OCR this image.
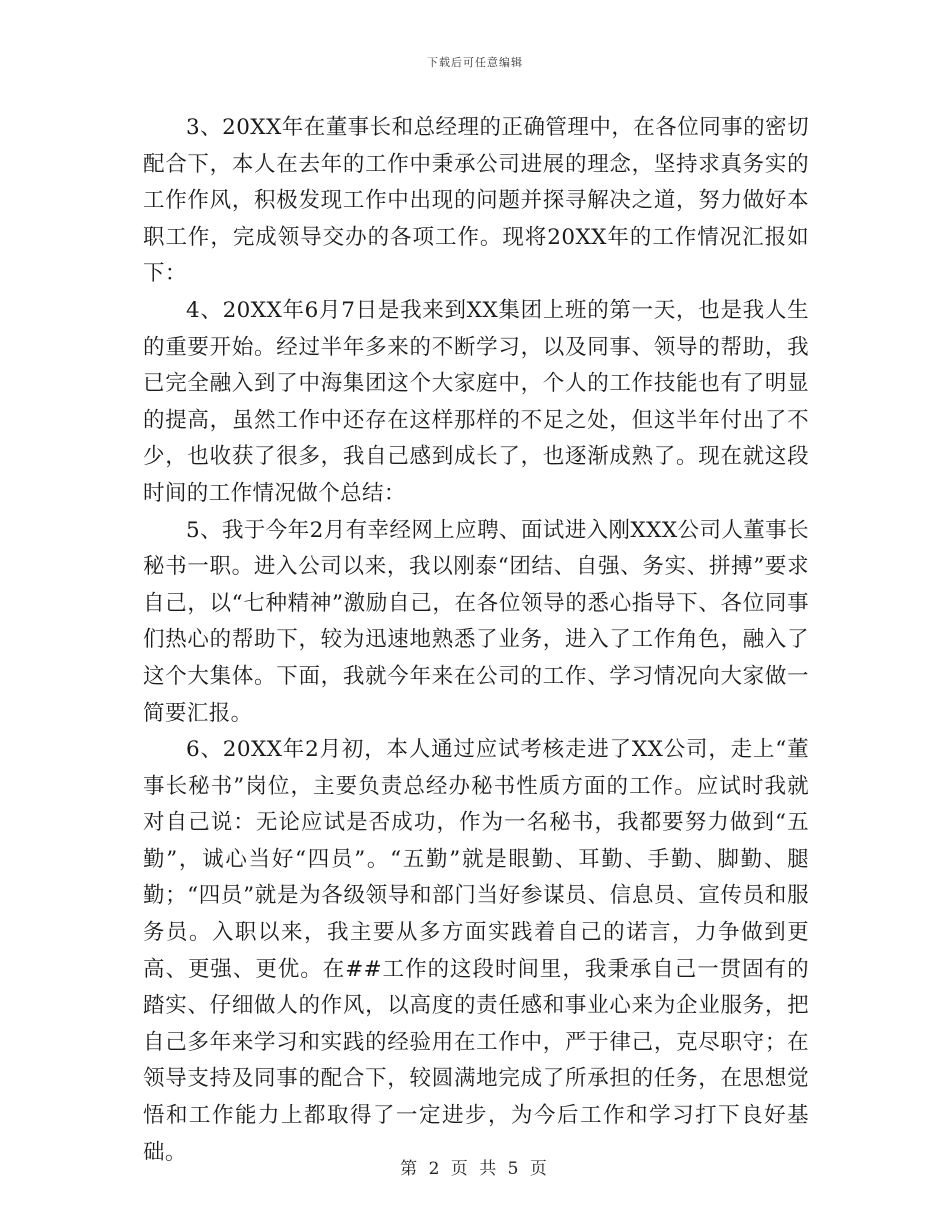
下载后可任意编辑

3、20XX年在董事长和总经理的正确管理中，在各位同事的密切配合下，本人在去年的工作中秉承公司进展的理念，坚持求真务实的工作作风，积极发现工作中出现的问题并探寻解决之道，努力做好本职工作，完成领导交办的各项工作。现将20XX年的工作情况汇报如下：

4、20XX年6月7日是我来到XX集团上班的第一天，也是我人生的重要开始。经过半年多来的不断学习，以及同事、领导的帮助，我已完全融入到了中海集团这个大家庭中，个人的工作技能也有了明显的提高，虽然工作中还存在这样那样的不足之处，但这半年付出了不少，也收获了很多，我自己感到成长了，也逐渐成熟了。现在就这段时间的工作情况做个总结：

5、我于今年2月有幸经网上应聘、面试进入刚XXX公司人董事长秘书一职。进入公司以来，我以刚泰“团结、自强、务实、拼搏”要求自己，以“七种精神”激励自己，在各位领导的悉心指导下、各位同事们热心的帮助下，较为迅速地熟悉了业务，进入了工作角色，融入了这个大集体。下面，我就今年来在公司的工作、学习情况向大家做一简要汇报。

6、20XX年2月初，本人通过应试考核走进了XX公司，走上“董事长秘书”岗位，主要负责总经办秘书性质方面的工作。应试时我就对自己说：无论应试是否成功，作为一名秘书，我都要努力做到“五勤”，诚心当好“四员”。“五勤”就是眼勤、耳勤、手勤、脚勤、腿勤；“四员”就是为各级领导和部门当好参谋员、信息员、宣传员和服务员。入职以来，我主要从多方面实践着自己的诺言，力争做到更高、更强、更优。在##工作的这段时间里，我秉承自己一贯固有的踏实、仔细做人的作风，以高度的责任感和事业心来为企业服务，把自己多年来学习和实践的经验用在工作中，严于律己，克尽职守；在领导支持及同事的配合下，较圆满地完成了所承担的任务，在思想觉悟和工作能力上都取得了一定进步，为今后工作和学习打下良好基础。

第 2 页 共 5 页
